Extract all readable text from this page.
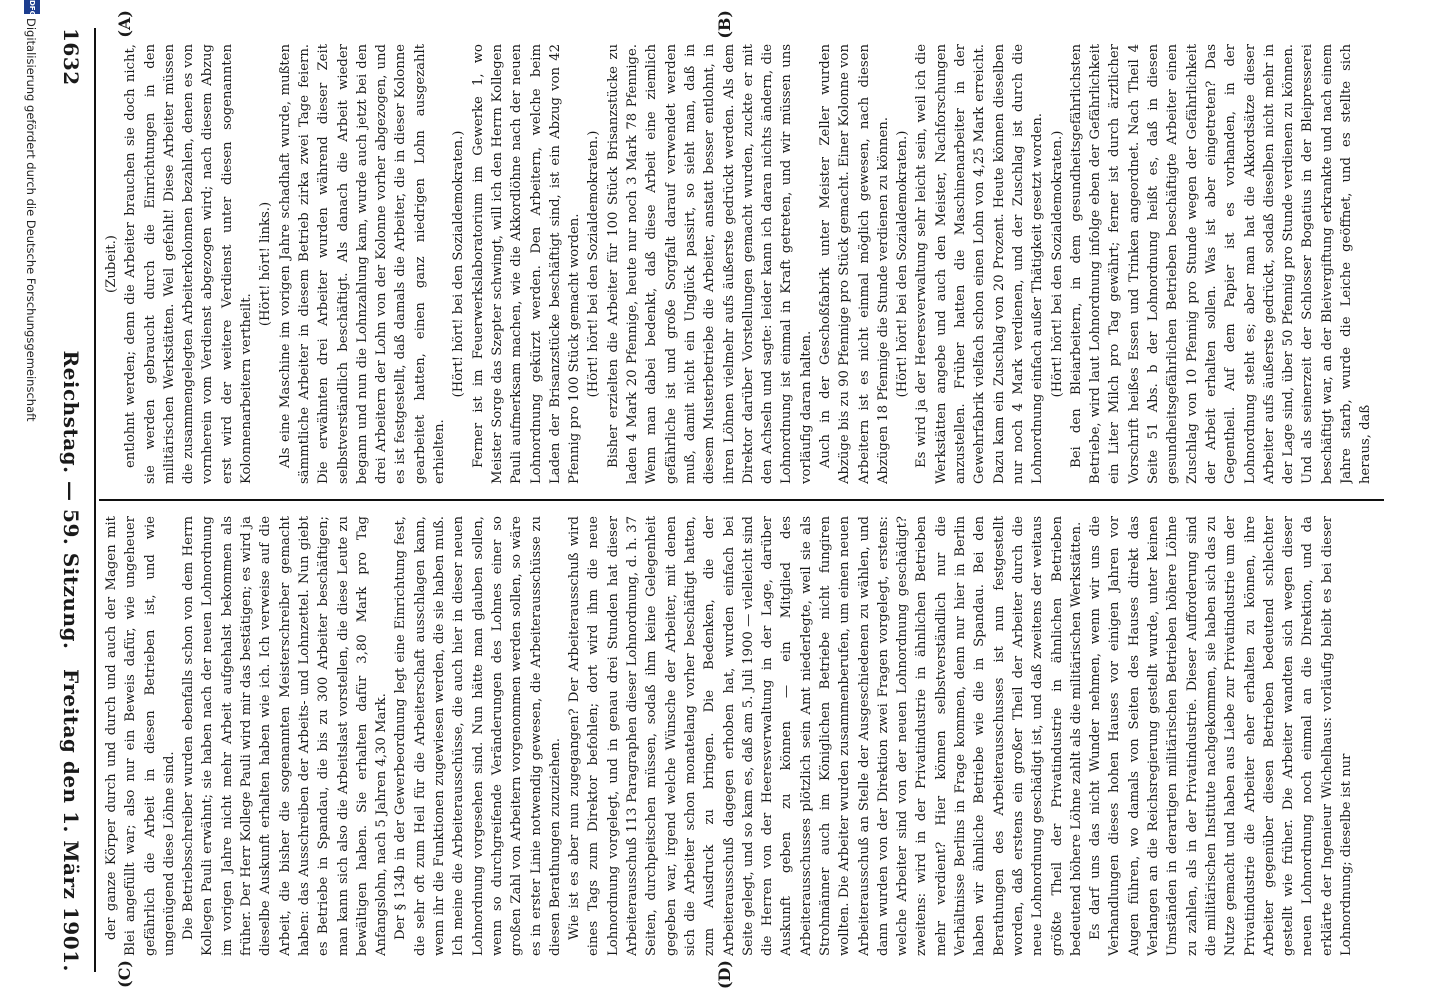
1632
Reichstag. — 59. Sitzung.
Freitag den 1. März 1901.

(Zubeit.) entlohnt werden; denn die Arbeiter brauchen sie doch nicht, sie werden gebraucht durch die Einrichtungen in den militärischen Werkstätten. Weil gefehlt! Diese Arbeiter müssen die zusammengelegten Arbeiterkolonnen bezahlen, denen es von vornherein vom Verdienst abgezogen wird; nach diesem Abzug erst wird der weitere Verdienst unter diesen sogenannten Kolonnenarbeitern vertheilt.

(Hört! hört! links.) Als eine Maschine im vorigen Jahre schadhaft wurde, mußten sämmtliche Arbeiter in diesem Betrieb zirka zwei Tage feiern. Die erwähnten drei Arbeiter wurden während dieser Zeit selbstverständlich beschäftigt. Als danach die Arbeit wieder begann und nun die Lohnzahlung kam, wurde auch jetzt bei den drei Arbeitern der Lohn von der Kolonne vorher abgezogen, und es ist festgestellt, daß damals die Arbeiter, die in dieser Kolonne gearbeitet hatten, einen ganz niedrigen Lohn ausgezahlt erhielten.

(Hört! hört! bei den Sozialdemokraten.) Ferner ist im Feuerwerkslaboratorium im Gewerke 1, wo Meister Sorge das Szepter schwingt, will ich den Herrn Kollegen Pauli aufmerksam machen, wie die Akkordlöhne nach der neuen Lohnordnung gekürzt werden. Den Arbeitern, welche beim Laden der Brisanzstücke beschäftigt sind, ist ein Abzug von 42 Pfennig pro 100 Stück gemacht worden. (Hört! hört! bei den Sozialdemokraten.) Bisher erzielten die Arbeiter für 100 Stück Brisanzstücke zu laden 4 Mark 20 Pfennige, heute nur noch 3 Mark 78 Pfennige. Wenn man dabei bedenkt, daß diese Arbeit eine ziemlich gefährliche ist und große Sorgfalt darauf verwendet werden muß, damit nicht ein Unglück passirt, so sieht man, daß in diesem Musterbetriebe die Arbeiter, anstatt besser entlohnt, in ihren Löhnen vielmehr aufs äußerste gedrückt werden. Als dem Direktor darüber Vorstellungen gemacht wurden, zuckte er mit den Achseln und sagte: leider kann ich daran nichts ändern, die Lohnordnung ist einmal in Kraft getreten, und wir müssen uns vorläufig daran halten. Auch in der Geschoßfabrik unter Meister Zeller wurden Abzüge bis zu 90 Pfennige pro Stück gemacht. Einer Kolonne von Arbeitern ist es nicht einmal möglich gewesen, nach diesen Abzügen 18 Pfennige die Stunde verdienen zu können. (Hört! hört! bei den Sozialdemokraten.) Es wird ja der Heeresverwaltung sehr leicht sein, weil ich die Werkstätten angebe und auch den Meister, Nachforschungen anzustellen. Früher hatten die Maschinenarbeiter in der Gewehrfabrik vielfach schon einen Lohn von 4,25 Mark erreicht. Dazu kam ein Zuschlag von 20 Prozent. Heute können dieselben nur noch 4 Mark verdienen, und der Zuschlag ist durch die Lohnordnung einfach außer Thätigkeit gesetzt worden. (Hört! hört! bei den Sozialdemokraten.) Bei den Bleiarbeitern, in dem gesundheitsgefährlichsten Betriebe, wird laut Lohnordnung infolge eben der Gefährlichkeit ein Liter Milch pro Tag gewährt; ferner ist durch ärztlicher Vorschrift heißes Essen und Trinken angeordnet. Nach Theil 4 Seite 51 Abs. b der Lohnordnung heißt es, daß in diesen gesundheitsgefährlichen Betrieben beschäftigte Arbeiter einen Zuschlag von 10 Pfennig pro Stunde wegen der Gefährlichkeit der Arbeit erhalten sollen. Was ist aber eingetreten? Das Gegentheil. Auf dem Papier ist es vorhanden, in der Lohnordnung steht es; aber man hat die Akkordsätze dieser Arbeiter aufs äußerste gedrückt, sodaß dieselben nicht mehr in der Lage sind, über 50 Pfennig pro Stunde verdienen zu können. Und als seinerzeit der Schlosser Bogatius in der Bleipresserei beschäftigt war, an der Bleivergiftung erkrankte und nach einem Jahre starb, wurde die Leiche geöffnet, und es stellte sich heraus, daß

der ganze Körper durch und durch und auch der Magen mit Blei angefüllt war; also nur ein Beweis dafür, wie ungeheuer gefährlich die Arbeit in diesen Betrieben ist, und wie ungenügend diese Löhne sind. Die Betriebsschreiber wurden ebenfalls schon von dem Herrn Kollegen Pauli erwähnt; sie haben nach der neuen Lohnordnung im vorigen Jahre nicht mehr Arbeit aufgehalst bekommen als früher. Der Herr Kollege Pauli wird mir das bestätigen; es wird ja dieselbe Auskunft erhalten haben wie ich. Ich verweise auf die Arbeit, die bisher die sogenannten Meisterschreiber gemacht haben: das Ausschreiben der Arbeits- und Lohnzettel. Nun giebt es Betriebe in Spandau, die bis zu 300 Arbeiter beschäftigen; man kann sich also die Arbeitslast vorstellen, die diese Leute zu bewältigen haben. Sie erhalten dafür 3,80 Mark pro Tag Anfangslohn, nach 5 Jahren 4,30 Mark. Der § 134b in der Gewerbeordnung legt eine Einrichtung fest, die sehr oft zum Heil für die Arbeiterschaft ausschlagen kann, wenn ihr die Funktionen zugewiesen werden, die sie haben muß. Ich meine die Arbeiterausschüsse, die auch hier in dieser neuen Lohnordnung vorgesehen sind. Nun hätte man glauben sollen, wenn so durchgreifende Veränderungen des Lohnes einer so großen Zahl von Arbeitern vorgenommen werden sollen, so wäre es in erster Linie notwendig gewesen, die Arbeiterausschüsse zu diesen Berathungen zuzuziehen. Wie ist es aber nun zugegangen? Der Arbeiterausschuß wird eines Tags zum Direktor befohlen; dort wird ihm die neue Lohnordnung vorgelegt, und in genau drei Stunden hat dieser Arbeiterausschuß 113 Paragraphen dieser Lohnordnung, d. h. 37 Seiten, durchpeitschen müssen, sodaß ihm keine Gelegenheit gegeben war, irgend welche Wünsche der Arbeiter, mit denen sich die Arbeiter schon monatelang vorher beschäftigt hatten, zum Ausdruck zu bringen. Die Bedenken, die der Arbeiterausschuß dagegen erhoben hat, wurden einfach bei Seite gelegt, und so kam es, daß am 5. Juli 1900 — vielleicht sind die Herren von der Heeresverwaltung in der Lage, darüber Auskunft geben zu können — ein Mitglied des Arbeiterausschusses plötzlich sein Amt niederlegte, weil sie als Strohmänner auch im Königlichen Betriebe nicht fungiren wollten. Die Arbeiter wurden zusammenberufen, um einen neuen Arbeiterausschuß an Stelle der Ausgeschiedenen zu wählen, und dann wurden von der Direktion zwei Fragen vorgelegt, erstens: welche Arbeiter sind von der neuen Lohnordnung geschädigt? zweitens: wird in der Privatindustrie in ähnlichen Betrieben mehr verdient? Hier können selbstverständlich nur die Verhältnisse Berlins in Frage kommen, denn nur hier in Berlin haben wir ähnliche Betriebe wie die in Spandau. Bei den Berathungen des Arbeiterausschusses ist nun festgestellt worden, daß erstens ein großer Theil der Arbeiter durch die neue Lohnordnung geschädigt ist, und daß zweitens der weitaus größte Theil der Privatindustrie in ähnlichen Betrieben bedeutend höhere Löhne zahlt als die militärischen Werkstätten. Es darf uns das nicht Wunder nehmen, wenn wir uns die Verhandlungen dieses hohen Hauses vor einigen Jahren vor Augen führen, wo damals von Seiten des Hauses direkt das Verlangen an die Reichsregierung gestellt wurde, unter keinen Umständen in derartigen militärischen Betrieben höhere Löhne zu zahlen, als in der Privatindustrie. Dieser Aufforderung sind die militärischen Institute nachgekommen, sie haben sich das zu Nutze gemacht und haben aus Liebe zur Privatindustrie um der Privatindustrie die Arbeiter eher erhalten zu können, ihre Arbeiter gegenüber diesen Betrieben bedeutend schlechter gestellt wie früher. Die Arbeiter wandten sich wegen dieser neuen Lohnordnung noch einmal an die Direktion, und da erklärte der Ingenieur Wichelhaus: vorläufig bleibt es bei dieser Lohnordnung; dieselbe ist nur

(A)	(B)
(C)	(D)
DFG
Digitalisierung gefördert durch die Deutsche Forschungsgemeinschaft
